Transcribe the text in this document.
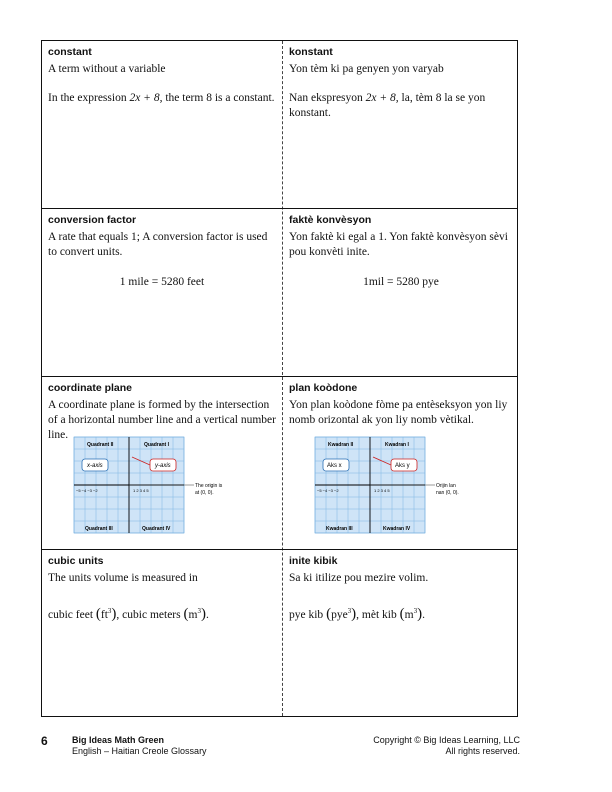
constant

A term without a variable

In the expression 2x + 8, the term 8 is a constant.

konstant

Yon tèm ki pa genyen yon varyab

Nan ekspresyon 2x + 8, la, tèm 8 la se yon konstant.

conversion factor

A rate that equals 1; A conversion factor is used to convert units.

1 mile = 5280 feet

faktè konvèsyon

Yon faktè ki egal a 1. Yon faktè konvèsyon sèvi pou konvèti inite.

1mil = 5280 pye

coordinate plane

A coordinate plane is formed by the intersection of a horizontal number line and a vertical number line.

Quadrant II	Quadrant I
Quadrant III	Quadrant IV
−5 −4 −3 −2	1 2 3 4 5
x-axis	y-axis
The origin is
at (0, 0).

plan koòdone

Yon plan koòdone fòme pa entèseksyon yon liy nomb orizontal ak yon liy nomb vètikal.

Kwadran II	Kwadran I
Kwadran III	Kwadran IV
−5 −4 −3 −2	1 2 3 4 5
Aks x	Aks y
Orijin lan
nan (0, 0).

cubic units

The units volume is measured in

cubic feet $(ft^3)$, cubic meters $(m^3)$.

inite kibik

Sa ki itilize pou mezire volim.

pye kib (pye$^3$), mèt kib $(m^3)$.

6	Big Ideas Math Green
English – Haitian Creole Glossary
Copyright © Big Ideas Learning, LLC
All rights reserved.
